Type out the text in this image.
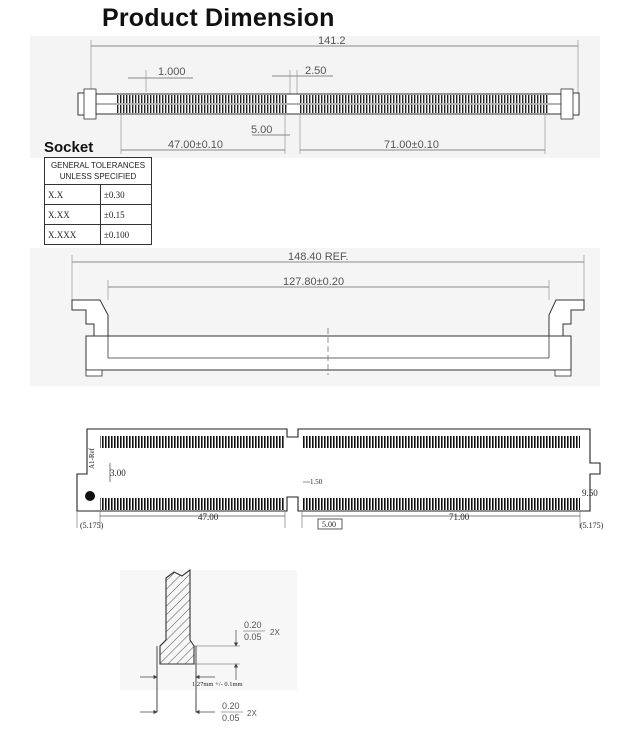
Product Dimension
141.2
1.000	2.50
5.00
47.00±0.10	71.00±0.10
148.40 REF.
127.80±0.20
A1-Ref
3.00
1.50
9.50
(5.175)
47.00
5.00
71.00
(5.175)
0.20
0.05 2X
1.27mm +/- 0.1mm
0.20
0.05 2X
Socket
GENERAL TOLERANCES
UNLESS SPECIFIED	
X.X	±0.30
X.XX	±0.15
X.XXX	±0.100
